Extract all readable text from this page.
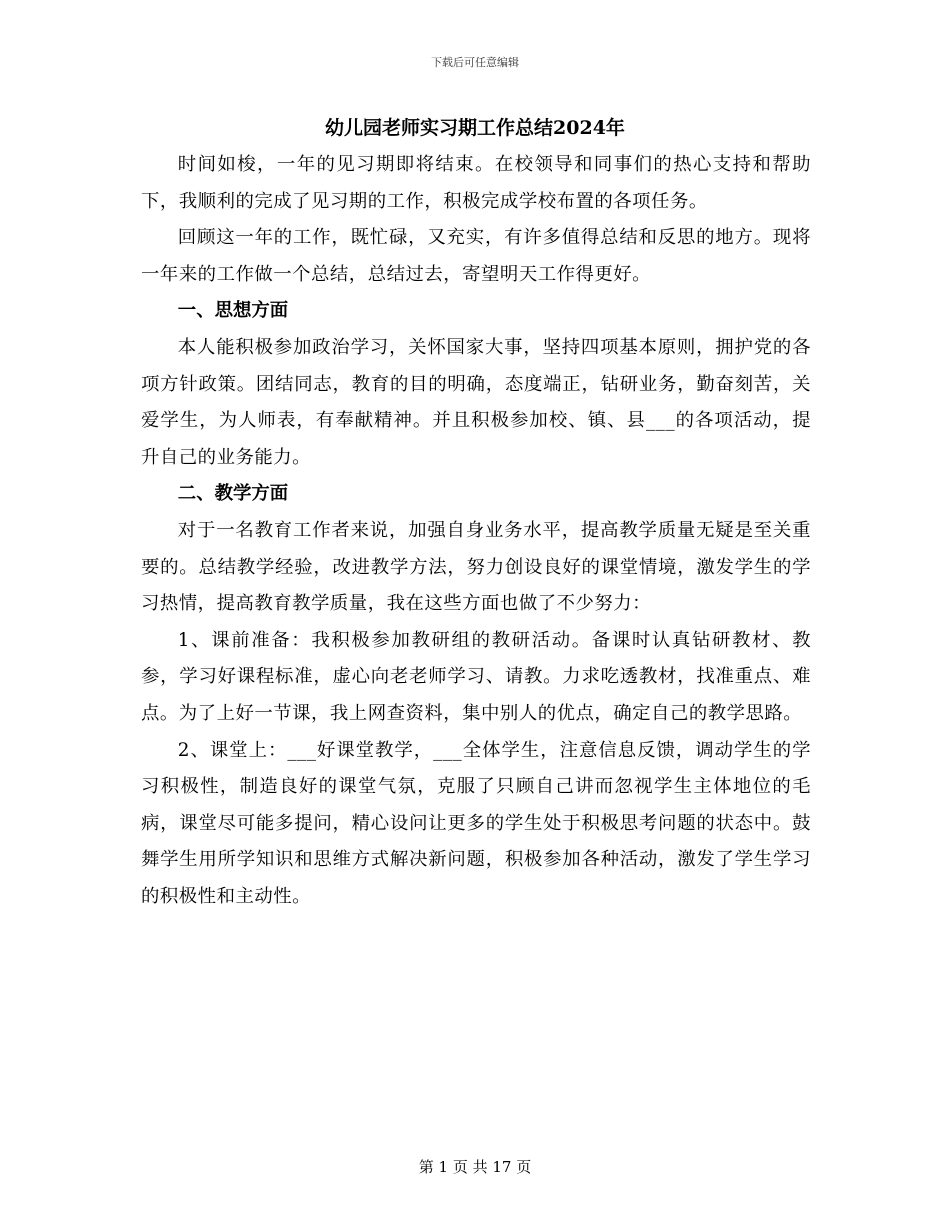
下载后可任意编辑
幼儿园老师实习期工作总结2024年

时间如梭，一年的见习期即将结束。在校领导和同事们的热心支持和帮助下，我顺利的完成了见习期的工作，积极完成学校布置的各项任务。

回顾这一年的工作，既忙碌，又充实，有许多值得总结和反思的地方。现将一年来的工作做一个总结，总结过去，寄望明天工作得更好。

一、思想方面

本人能积极参加政治学习，关怀国家大事，坚持四项基本原则，拥护党的各项方针政策。团结同志，教育的目的明确，态度端正，钻研业务，勤奋刻苦，关爱学生，为人师表，有奉献精神。并且积极参加校、镇、县___的各项活动，提升自己的业务能力。

二、教学方面

对于一名教育工作者来说，加强自身业务水平，提高教学质量无疑是至关重要的。总结教学经验，改进教学方法，努力创设良好的课堂情境，激发学生的学习热情，提高教育教学质量，我在这些方面也做了不少努力：

1、课前准备：我积极参加教研组的教研活动。备课时认真钻研教材、教参，学习好课程标准，虚心向老老师学习、请教。力求吃透教材，找准重点、难点。为了上好一节课，我上网查资料，集中别人的优点，确定自己的教学思路。

2、课堂上：___好课堂教学，___全体学生，注意信息反馈，调动学生的学习积极性，制造良好的课堂气氛，克服了只顾自己讲而忽视学生主体地位的毛病，课堂尽可能多提问，精心设问让更多的学生处于积极思考问题的状态中。鼓舞学生用所学知识和思维方式解决新问题，积极参加各种活动，激发了学生学习的积极性和主动性。

第 1 页 共 17 页
